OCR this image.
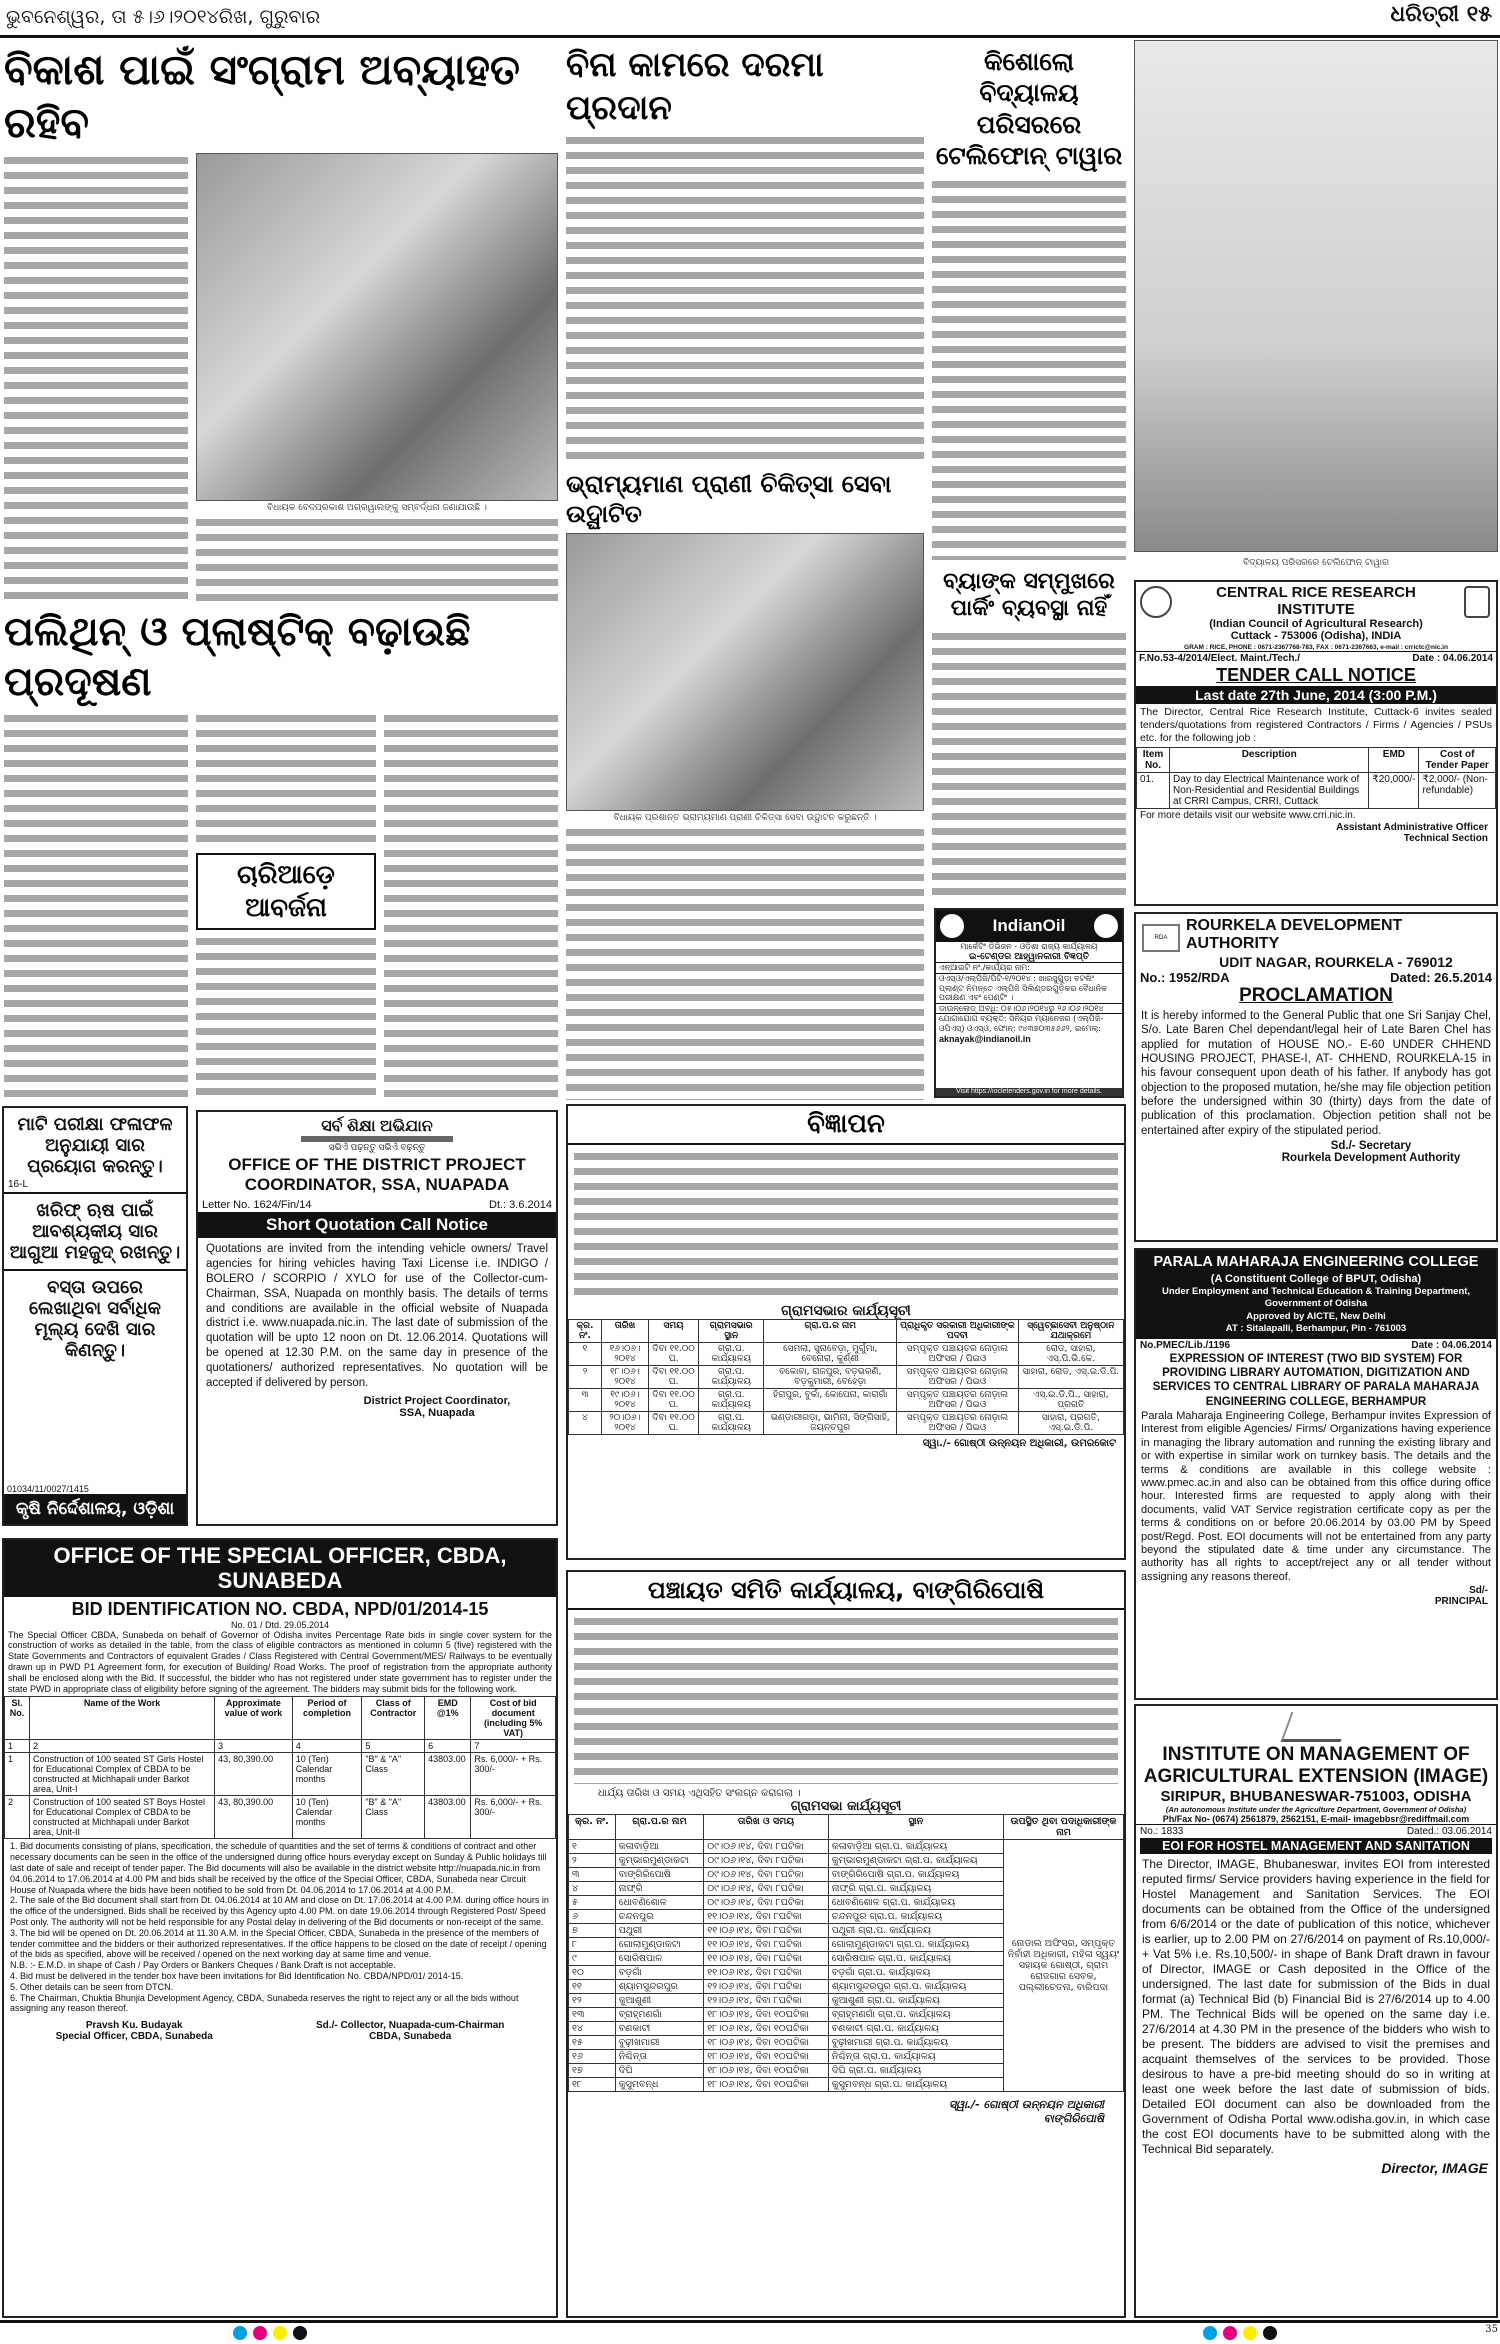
ଭୁବନେଶ୍ୱର, ତା ୫।୬।୨୦୧୪ରିଖ, ଗୁରୁବାର	ଧରିତ୍ରୀ ୧୫
ବିକାଶ ପାଇଁ ସଂଗ୍ରାମ ଅବ୍ୟାହତ ରହିବ
ବିଧାୟକ ବେଦପ୍ରକାଶ ଅଗ୍ରୱାଲଙ୍କୁ ସମ୍ବର୍ଦ୍ଧନା ଜଣାଯାଉଛି ।
ପଲିଥିନ୍ ଓ ପ୍ଲାଷ୍ଟିକ୍ ବଢ଼ାଉଛି ପ୍ରଦୂଷଣ
ଚାରିଆଡ଼େ ଆବର୍ଜନା
ମାଟି ପରୀକ୍ଷା ଫଳାଫଳ ଅନୁଯାୟୀ ସାର ପ୍ରୟୋଗ କରନ୍ତୁ।
16-L
ଖରିଫ୍ ଋଷ ପାଇଁ ଆବଶ୍ୟକୀୟ ସାର ଆଗୁଆ ମହଜୁଦ୍ ରଖନ୍ତୁ।
ବସ୍ତା ଉପରେ ଲେଖାଥିବା ସର୍ବାଧିକ ମୂଲ୍ୟ ଦେଖି ସାର କିଣନ୍ତୁ।
01034/11/0027/1415
କୃଷି ନିର୍ଦ୍ଦେଶାଳୟ, ଓଡ଼ିଶା
ସର୍ବ ଶିକ୍ଷା ଅଭିଯାନ
ସଭିଏଁ ପଢ଼ନ୍ତୁ ସଭିଏଁ ବଢ଼ନ୍ତୁ
OFFICE OF THE DISTRICT PROJECT COORDINATOR, SSA, NUAPADA
Letter No. 1624/Fin/14	Dt.: 3.6.2014
Short Quotation Call Notice
Quotations are invited from the intending vehicle owners/ Travel agencies for hiring vehicles having Taxi License i.e. INDIGO / BOLERO / SCORPIO / XYLO for use of the Collector-cum-Chairman, SSA, Nuapada on monthly basis. The details of terms and conditions are available in the official website of Nuapada district i.e. www.nuapada.nic.in. The last date of submission of the quotation will be upto 12 noon on Dt. 12.06.2014. Quotations will be opened at 12.30 P.M. on the same day in presence of the quotationers/ authorized representatives. No quotation will be accepted if delivered by person.
District Project Coordinator,
SSA, Nuapada
OFFICE OF THE SPECIAL OFFICER, CBDA, SUNABEDA
BID IDENTIFICATION NO. CBDA, NPD/01/2014-15
No. 01 / Dtd. 29.05.2014
The Special Officer CBDA, Sunabeda on behalf of Governor of Odisha invites Percentage Rate bids in single cover system for the construction of works as detailed in the table, from the class of eligible contractors as mentioned in column 5 (five) registered with the State Governments and Contractors of equivalent Grades / Class Registered with Central Government/MES/ Railways to be eventually drawn up in PWD P1 Agreement form, for execution of Building/ Road Works. The proof of registration from the appropriate authority shall be enclosed along with the Bid. If successful, the bidder who has not registered under state government has to register under the state PWD in appropriate class of eligibility before signing of the agreement. The bidders may submit bids for the following work.
Sl. No.	Name of the Work	Approximate value of work	Period of completion	Class of Contractor	EMD @1%	Cost of bid document (including 5% VAT)
1	2	3	4	5	6	7
1	Construction of 100 seated ST Girls Hostel for Educational Complex of CBDA to be constructed at Michhapali under Barkot area, Unit-I	43, 80,390.00	10 (Ten) Calendar months	"B" & "A" Class	43803.00	Rs. 6,000/- + Rs. 300/-
2	Construction of 100 seated ST Boys Hostel for Educational Complex of CBDA to be constructed at Michhapali under Barkot area, Unit-II	43, 80,390.00	10 (Ten) Calendar months	"B" & "A" Class	43803.00	Rs. 6,000/- + Rs. 300/-
1. Bid documents consisting of plans, specification, the schedule of quantities and the set of terms & conditions of contract and other necessary documents can be seen in the office of the undersigned during office hours everyday except on Sunday & Public holidays till last date of sale and receipt of tender paper. The Bid documents will also be available in the district website http://nuapada.nic.in from 04.06.2014 to 17.06.2014 at 4.00 PM and bids shall be received by the office of the Special Officer, CBDA, Sunabeda near Circuit House of Nuapada where the bids have been notified to be sold from Dt. 04.06.2014 to 17.06.2014 at 4.00 P.M.
2. The sale of the Bid document shall start from Dt. 04.06.2014 at 10 AM and close on Dt. 17.06.2014 at 4.00 P.M. during office hours in the office of the undersigned. Bids shall be received by this Agency upto 4.00 PM. on date 19.06.2014 through Registered Post/ Speed Post only. The authority will not be held responsible for any Postal delay in delivering of the Bid documents or non-receipt of the same.
3. The bid will be opened on Dt. 20.06.2014 at 11.30 A.M. in the Special Officer, CBDA, Sunabeda in the presence of the members of tender committee and the bidders or their authorized representatives. If the office happens to be closed on the date of receipt / opening of the bids as specified, above will be received / opened on the next working day at same time and venue.
N.B. :- E.M.D. in shape of Cash / Pay Orders or Bankers Cheques / Bank Draft is not acceptable.
4. Bid must be delivered in the tender box have been invitations for Bid Identification No. CBDA/NPD/01/ 2014-15.
5. Other details can be seen from DTCN.
6. The Chairman, Chuktia Bhunjia Development Agency, CBDA, Sunabeda reserves the right to reject any or all the bids without assigning any reason thereof.
Pravsh Ku. Budayak
Special Officer, CBDA, Sunabeda
Sd./- Collector, Nuapada-cum-Chairman
CBDA, Sunabeda
ବିନା କାମରେ ଦରମା ପ୍ରଦାନ
ଭ୍ରାମ୍ୟମାଣ ପ୍ରାଣୀ ଚିକିତ୍ସା ସେବା ଉଦ୍ଘାଟିତ
ବିଧାୟକ ପ୍ରଶାନ୍ତ ଭ୍ରାମ୍ୟମାଣ ପ୍ରାଣୀ ଚିକିତ୍ସା ସେବା ଉଦ୍ଘାଟନ କରୁଛନ୍ତି ।
କିଶୋଲୋ ବିଦ୍ୟାଳୟ ପରିସରରେ ଟେଲିଫୋନ୍ ଟାୱାର
ବ୍ୟାଙ୍କ ସମ୍ମୁଖରେ ପାର୍କିଂ ବ୍ୟବସ୍ଥା ନାହିଁ
IndianOil
ମାର୍କେଟିଂ ଡିଭିଜନ - ଓଡ଼ିଶା ରାଜ୍ୟ କାର୍ଯ୍ୟାଳୟ
ଇ-ଟେଣ୍ଡର ଆହ୍ୱାନକାରୀ ବିଜ୍ଞପ୍ତି
ଏନ୍ଆଇଟି ନଂ./କାର୍ଯ୍ୟର ନାମ:
ଓଏସ୍ଓ/ଏଲ୍‌ପିଜି/ପିଟି-୧/୨୦୧୪ : ଖାରସୁଗୁଡ଼ା ବଟଲିଂ ପ୍ଲାଣ୍ଟ ନିମନ୍ତେ ଏଲ୍‌ପିଜି ସିଲିଣ୍ଡରଗୁଡ଼ିକର ବୈଧାନିକ ପରୀକ୍ଷଣ ଏବଂ ପେଣ୍ଟିଂ ।
ଡାଉନ୍‌ଲୋଡ୍ ଅବଧି: ୦୫।୦୬।୨୦୧୪ରୁ ୨୬।୦୬।୨୦୧୪
ଯୋଗାଯୋଗ ବ୍ୟକ୍ତି: ସିନିୟର ମ୍ୟାନେଜର (ଏଲ୍‌ପିଜି-ଓପିଏସ୍) ଓଏସ୍ଓ, ଫୋନ୍: ୯୪୩୭୦୩୫୬୬୨, ଇମେଲ୍:
aknayak@indianoil.in
Visit https://iocletenders.gov.in for more details.
ବିଜ୍ଞାପନ
ଗ୍ରାମସଭାର କାର୍ଯ୍ୟସୂଚୀ
କ୍ର. ନଂ.	ତାରିଖ	ସମୟ	ଗ୍ରାମସଭାର ସ୍ଥାନ	ଗ୍ରା.ପ.ର ନାମ	ପ୍ରାଧିକୃତ ସରକାରୀ ଅଧିକାରୀଙ୍କ ପଦବୀ	ସ୍ୱେଚ୍ଛାସେବୀ ଅନୁଷ୍ଠାନ ଯଥାକ୍ରମେ
୧	୧୬।୦୬।୨୦୧୪	ଦିବା ୧୧.୦୦ ଘ.	ଗ୍ରା.ପ. କାର୍ଯ୍ୟାଳୟ	ସେମଲା, ସୁନାବେଡ଼ା, ମୁର୍ଗୁମା, ବେନୋରା, କୁର୍ଣ୍ଣୀ	ସମ୍ପୃକ୍ତ ପଞ୍ଚାୟତର ନୋଡ଼ାଲ ଅଫିସର / ପିଇଓ	ରୋଡ, ସାହାରା, ଏସ୍.ପି.ଭି.କେ.
୨	୧୮।୦୬।୨୦୧୪	ଦିବା ୧୧.୦୦ ଘ.	ଗ୍ରା.ପ. କାର୍ଯ୍ୟାଳୟ	ବକୋବା, ରାଜପୁର, ବଡ଼ଭରଣି, ବଡ଼କୁମାରୀ, ବେହେଡ଼ା	ସମ୍ପୃକ୍ତ ପଞ୍ଚାୟତର ନୋଡ଼ାଲ ଅଫିସର / ପିଇଓ	ସାହାରା, ରୋଡ, ଏସ୍.ଇ.ଡି.ପି.
୩	୧୯।୦୬।୨୦୧୪	ଦିବା ୧୧.୦୦ ଘ.	ଗ୍ରା.ପ. କାର୍ଯ୍ୟାଳୟ	ହିରାପୁର, ବୁର୍କା, କୋପେନା, କାରାଗାଁ	ସମ୍ପୃକ୍ତ ପଞ୍ଚାୟତର ନୋଡ଼ାଲ ଅଫିସର / ପିଇଓ	ଏସ୍.ଇ.ଡି.ପି., ସାହାରା, ପ୍ରଗତି
୪	୨୦।୦୬।୨୦୧୪	ଦିବା ୧୧.୦୦ ଘ.	ଗ୍ରା.ପ. କାର୍ଯ୍ୟାଳୟ	ଭଣ୍ଡାରୀଗଡ଼ା, ଭାମିନୀ, ସିଙ୍ଗିସାହି, ଜୟନ୍ତପୁର	ସମ୍ପୃକ୍ତ ପଞ୍ଚାୟତର ନୋଡ଼ାଲ ଅଫିସର / ପିଇଓ	ସାହାରା, ପ୍ରଗତି, ଏସ୍.ଇ.ଡି.ପି.
ସ୍ୱା./- ଗୋଷ୍ଠୀ ଉନ୍ନୟନ ଅଧିକାରୀ, ଉମରକୋଟ
ପଞ୍ଚାୟତ ସମିତି କାର୍ଯ୍ୟାଳୟ, ବାଙ୍ଗିରିପୋଷି
ଧାର୍ଯ୍ୟ ତାରିଖ ଓ ସମୟ ଏଥିସହିତ ସଂଲଗ୍ନ କରାଗଲା ।
ଗ୍ରାମସଭା କାର୍ଯ୍ୟସୂଚୀ
କ୍ର. ନଂ.	ଗ୍ରା.ପ.ର ନାମ	ତାରିଖ ଓ ସମୟ	ସ୍ଥାନ	ଉପସ୍ଥିତ ଥିବା ପଦାଧିକାରୀଙ୍କ ନାମ
୧	କଳାବାଡ଼ିଆ	୦୯।୦୬।୧୪, ଦିବା ୮ଘଟିକା	କଳାବାଡ଼ିଆ ଗ୍ରା.ପ. କାର୍ଯ୍ୟାଳୟ	ନୋଡାଲ ଅଫିସର, ସମ୍ପୃକ୍ତ ନିର୍ବାହୀ ଅଧିକାରୀ, ମହିଳା ସ୍ୱୟଂ ସହାୟକ ଗୋଷ୍ଠୀ, ଗ୍ରାମ ରୋଜଗାର ସେବକ, ପଲ୍ଲୀଚେତନା, ବାରିପଦା
୨	କୁମ୍ଭାରମୁଣ୍ଡାକଟା	୦୯।୦୬।୧୪, ଦିବା ୮ଘଟିକା	କୁମ୍ଭାରମୁଣ୍ଡାକଟା ଗ୍ରା.ପ. କାର୍ଯ୍ୟାଳୟ	
୩	ବାଙ୍ଗିରିପୋଷି	୦୯।୦୬।୧୪, ଦିବା ୮ଘଟିକା	ବାଙ୍ଗିରିପୋଷି ଗ୍ରା.ପ. କାର୍ଯ୍ୟାଳୟ	
୪	ନାଫ୍ରି	୦୯।୦୬।୧୪, ଦିବା ୮ଘଟିକା	ନାଫ୍ରି ଗ୍ରା.ପ. କାର୍ଯ୍ୟାଳୟ	
୫	ଧୋବଣିଶୋଳ	୦୯।୦୬।୧୪, ଦିବା ୮ଘଟିକା	ଧୋବଣିଶୋଳ ଗ୍ରା.ପ. କାର୍ଯ୍ୟାଳୟ	
୬	ଚନ୍ଦନପୁର	୧୧।୦୬।୧୪, ଦିବା ୮ଘଟିକା	ଚନ୍ଦନପୁର ଗ୍ରା.ପ. କାର୍ଯ୍ୟାଳୟ	
୭	ପଥୁରୀ	୧୧।୦୬।୧୪, ଦିବା ୮ଘଟିକା	ପଥୁରୀ ଗ୍ରା.ପ. କାର୍ଯ୍ୟାଳୟ	
୮	ଗୋଲାମୁଣ୍ଡାକଟା	୧୧।୦୬।୧୪, ଦିବା ୮ଘଟିକା	ଗୋଲାମୁଣ୍ଡାକଟା ଗ୍ରା.ପ. କାର୍ଯ୍ୟାଳୟ	
୯	ସୋରିଷପାଳ	୧୧।୦୬।୧୪, ଦିବା ୮ଘଟିକା	ସୋରିଷପାଳ ଗ୍ରା.ପ. କାର୍ଯ୍ୟାଳୟ	
୧୦	ବଡ଼ଗାଁ	୧୧।୦୬।୧୪, ଦିବା ୮ଘଟିକା	ବଡ଼ଗାଁ ଗ୍ରା.ପ. କାର୍ଯ୍ୟାଳୟ	
୧୧	ଶ୍ୟାମସୁନ୍ଦରପୁର	୧୨।୦୬।୧୪, ଦିବା ୮ଘଟିକା	ଶ୍ୟାମସୁନ୍ଦରପୁର ଗ୍ରା.ପ. କାର୍ଯ୍ୟାଳୟ	
୧୨	କୁଆଶୁଣୀ	୧୨।୦୬।୧୪, ଦିବା ୮ଘଟିକା	କୁଆଶୁଣୀ ଗ୍ରା.ପ. କାର୍ଯ୍ୟାଳୟ	
୧୩	ବ୍ରାହ୍ମଣଗାଁ	୧୮।୦୬।୧୪, ଦିବା ୧୦ଘଟିକା	ବ୍ରାହ୍ମଣଗାଁ ଗ୍ରା.ପ. କାର୍ଯ୍ୟାଳୟ	
୧୪	ବଣକାଟୀ	୧୮।୦୬।୧୪, ଦିବା ୧୦ଘଟିକା	ବଣକାଟୀ ଗ୍ରା.ପ. କାର୍ଯ୍ୟାଳୟ	
୧୫	ବୁଢ଼ୀଖମାରୀ	୧୮।୦୬।୧୪, ଦିବା ୧୦ଘଟିକା	ବୁଢ଼ୀଖମାରୀ ଗ୍ରା.ପ. କାର୍ଯ୍ୟାଳୟ	
୧୬	ନିଶ୍ଚିନ୍ତା	୧୮।୦୬।୧୪, ଦିବା ୧୦ଘଟିକା	ନିଶ୍ଚିନ୍ତା ଗ୍ରା.ପ. କାର୍ଯ୍ୟାଳୟ	
୧୭	ଦିଘି	୧୮।୦୬।୧୪, ଦିବା ୧୦ଘଟିକା	ଦିଘି ଗ୍ରା.ପ. କାର୍ଯ୍ୟାଳୟ	
୧୮	କୁସୁମବନ୍ଧ	୧୮।୦୬।୧୪, ଦିବା ୧୦ଘଟିକା	କୁସୁମବନ୍ଧ ଗ୍ରା.ପ. କାର୍ଯ୍ୟାଳୟ	
ସ୍ୱା./- ଗୋଷ୍ଠୀ ଉନ୍ନୟନ ଅଧିକାରୀ
ବାଙ୍ଗିରିପୋଷି
ବିଦ୍ୟାଳୟ ପରିସରରେ ଟେଲିଫୋନ୍ ଟାୱାର
CENTRAL RICE RESEARCH INSTITUTE
(Indian Council of Agricultural Research)
Cuttack - 753006 (Odisha), INDIA
GRAM : RICE, PHONE : 0671-2367768-783, FAX : 0671-2367663, e-mail : crrictc@nic.in
F.No.53-4/2014/Elect. Maint./Tech./	Date : 04.06.2014
TENDER CALL NOTICE
Last date 27th June, 2014 (3:00 P.M.)
The Director, Central Rice Research Institute, Cuttack-6 invites sealed tenders/quotations from registered Contractors / Firms / Agencies / PSUs etc. for the following job :
Item No.	Description	EMD	Cost of Tender Paper
01.	Day to day Electrical Maintenance work of Non-Residential and Residential Buildings at CRRI Campus, CRRI, Cuttack	₹20,000/-	₹2,000/- (Non-refundable)
For more details visit our website www.crri.nic.in.
Assistant Administrative Officer
Technical Section
RDA
ROURKELA DEVELOPMENT AUTHORITY
UDIT NAGAR, ROURKELA - 769012
No.: 1952/RDA	Dated: 26.5.2014
PROCLAMATION
It is hereby informed to the General Public that one Sri Sanjay Chel, S/o. Late Baren Chel dependant/legal heir of Late Baren Chel has applied for mutation of HOUSE NO.- E-60 UNDER CHHEND HOUSING PROJECT, PHASE-I, AT- CHHEND, ROURKELA-15 in his favour consequent upon death of his father. If anybody has got objection to the proposed mutation, he/she may file objection petition before the undersigned within 30 (thirty) days from the date of publication of this proclamation. Objection petition shall not be entertained after expiry of the stipulated period.
Sd./- Secretary
Rourkela Development Authority
PARALA MAHARAJA ENGINEERING COLLEGE
(A Constituent College of BPUT, Odisha)
Under Employment and Technical Education & Training Department, Government of Odisha
Approved by AICTE, New Delhi
AT : Sitalapalli, Berhampur, Pin - 761003
No.PMEC/Lib./1196	Date : 04.06.2014
EXPRESSION OF INTEREST (TWO BID SYSTEM) FOR PROVIDING LIBRARY AUTOMATION, DIGITIZATION AND SERVICES TO CENTRAL LIBRARY OF PARALA MAHARAJA ENGINEERING COLLEGE, BERHAMPUR
Parala Maharaja Engineering College, Berhampur invites Expression of Interest from eligible Agencies/ Firms/ Organizations having experience in managing the library automation and running the existing library and or with expertise in similar work on turnkey basis. The details and the terms & conditions are available in this college website : www.pmec.ac.in and also can be obtained from this office during office hour. Interested firms are requested to apply along with their documents, valid VAT Service registration certificate copy as per the terms & conditions on or before 20.06.2014 by 03.00 PM by Speed post/Regd. Post. EOI documents will not be entertained from any party beyond the stipulated date & time under any circumstance. The authority has all rights to accept/reject any or all tender without assigning any reasons thereof.
Sd/-
PRINCIPAL
INSTITUTE ON MANAGEMENT OF AGRICULTURAL EXTENSION (IMAGE)
SIRIPUR, BHUBANESWAR-751003, ODISHA
(An autonomous Institute under the Agriculture Department, Government of Odisha)
Ph/Fax No- (0674) 2561879, 2562151, E-mail- imagebbsr@rediffmail.com
No.: 1833	Dated.: 03.06.2014
EOI FOR HOSTEL MANAGEMENT AND SANITATION
The Director, IMAGE, Bhubaneswar, invites EOI from interested reputed firms/ Service providers having experience in the field for Hostel Management and Sanitation Services. The EOI documents can be obtained from the Office of the undersigned from 6/6/2014 or the date of publication of this notice, whichever is earlier, up to 2.00 PM on 27/6/2014 on payment of Rs.10,000/- + Vat 5% i.e. Rs.10,500/- in shape of Bank Draft drawn in favour of Director, IMAGE or Cash deposited in the Office of the undersigned. The last date for submission of the Bids in dual format (a) Technical Bid (b) Financial Bid is 27/6/2014 up to 4.00 PM. The Technical Bids will be opened on the same day i.e. 27/6/2014 at 4.30 PM in the presence of the bidders who wish to be present. The bidders are advised to visit the premises and acquaint themselves of the services to be provided. Those desirous to have a pre-bid meeting should do so in writing at least one week before the last date of submission of bids. Detailed EOI document can also be downloaded from the Government of Odisha Portal www.odisha.gov.in, in which case the cost EOI documents have to be submitted along with the Technical Bid separately.
Director, IMAGE
35
